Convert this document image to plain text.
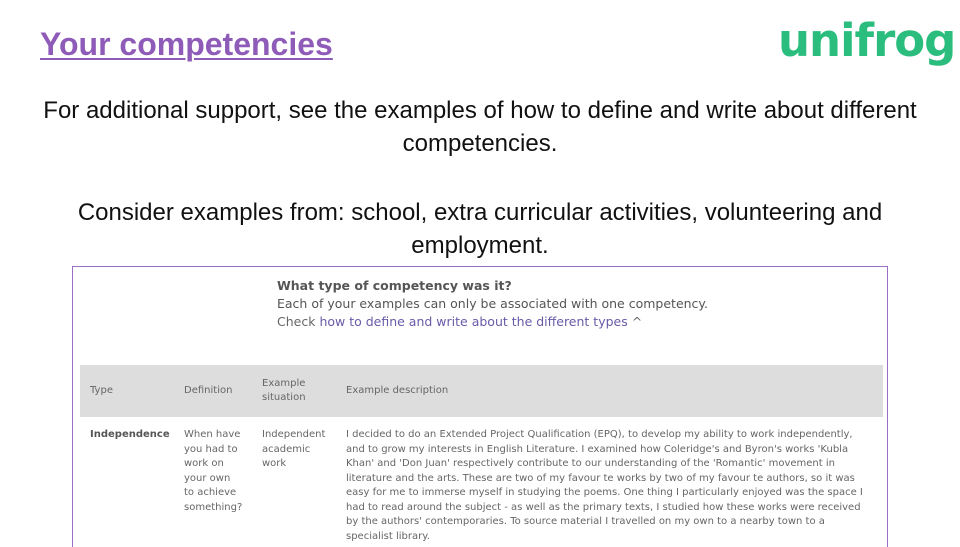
Your competencies	unifrog

For additional support, see the examples of how to define and write about different competencies.

Consider examples from: school, extra curricular activities, volunteering and employment.

What type of competency was it?
Each of your examples can only be associated with one competency.
Check how to define and write about the different types ^
Type	Definition	Example situation	Example description
Independence	When have you had to work on your own to achieve something?	Independent academic work	I decided to do an Extended Project Qualification (EPQ), to develop my ability to work independently, and to grow my interests in English Literature. I examined how Coleridge's and Byron's works 'Kubla Khan' and 'Don Juan' respectively contribute to our understanding of the 'Romantic' movement in literature and the arts. These are two of my favour te works by two of my favour te authors, so it was easy for me to immerse myself in studying the poems. One thing I particularly enjoyed was the space I had to read around the subject - as well as the primary texts, I studied how these works were received by the authors' contemporaries. To source material I travelled on my own to a nearby town to a specialist library.
